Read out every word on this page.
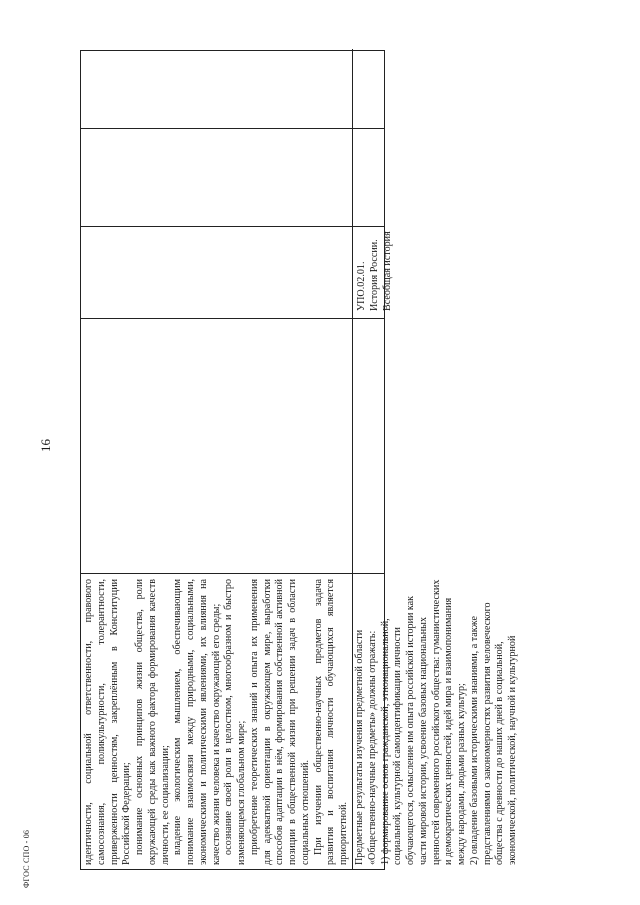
16
ФГОС СПО - 06	идентичности, социальной ответственности, правового самосознания, поликультурности, толерантности, приверженности ценностям, закреплённым в Конституции Российской Федерации; понимание основных принципов жизни общества, роли окружающей среды как важного фактора формирования качеств личности, ее социализации; владение экологическим мышлением, обеспечивающим понимание взаимосвязи между природными, социальными, экономическими и политическими явлениями, их влияния на качество жизни человека и качество окружающей его среды; осознание своей роли в целостном, многообразном и быстро изменяющемся глобальном мире; приобретение теоретических знаний и опыта их применения для адекватной ориентации в окружающем мире, выработки способов адаптации в нём, формирования собственной активной позиции в общественной жизни при решении задач в области социальных отношений. При изучении общественно-научных предметов задача развития и воспитания личности обучающихся является приоритетной. Предметные результаты изучения предметной области «Общественно-научные предметы» должны отражать: 1) формирование основ гражданской, этнонациональной, социальной, культурной самоидентификации личности обучающегося, осмысление им опыта российской истории как части мировой истории, усвоение базовых национальных ценностей современного российского общества: гуманистических и демократических ценностей, идей мира и взаимопонимания между народами, людьми разных культур; 2) овладение базовыми историческими знаниями, а также представлениями о закономерностях развития человеческого общества с древности до наших дней в социальной, экономической, политической, научной и культурной

УПО.02.01. История России. Всеобщая история
